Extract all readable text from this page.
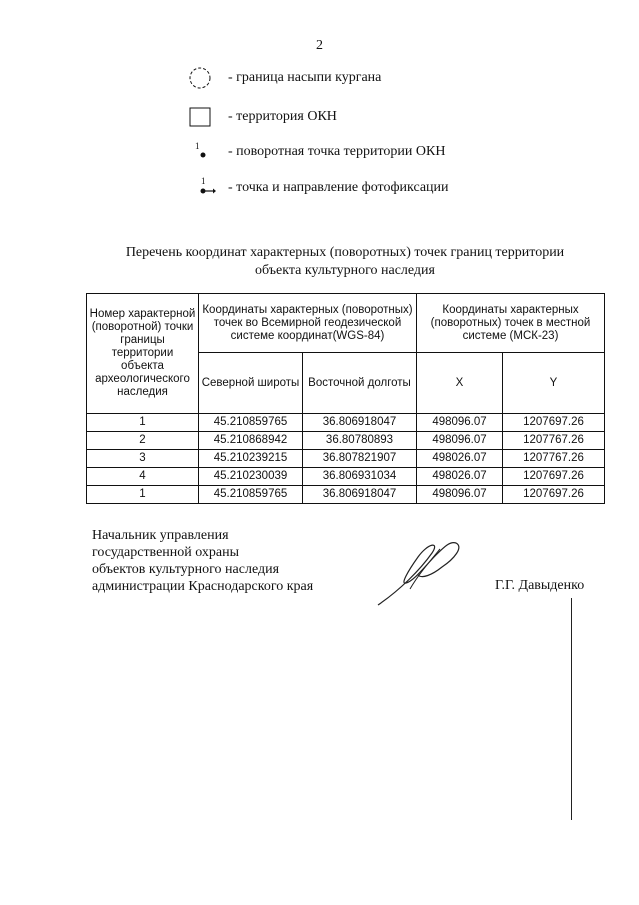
2
- граница насыпи кургана
- территория ОКН
1 - поворотная точка территории ОКН
1 - точка и направление фотофиксации
Перечень координат характерных (поворотных) точек границ территории
объекта культурного наследия
Номер характерной (поворотной) точки границы территории объекта археологического наследия	Координаты характерных (поворотных) точек во Всемирной геодезической системе координат(WGS-84)		Координаты характерных (поворотных) точек в местной системе (МСК-23)	
	Северной широты	Восточной долготы	X	Y
1	45.210859765	36.806918047	498096.07	1207697.26
2	45.210868942	36.80780893	498096.07	1207767.26
3	45.210239215	36.807821907	498026.07	1207767.26
4	45.210230039	36.806931034	498026.07	1207697.26
1	45.210859765	36.806918047	498096.07	1207697.26
Начальник управления
государственной охраны
объектов культурного наследия
администрации Краснодарского края	Г.Г. Давыденко
